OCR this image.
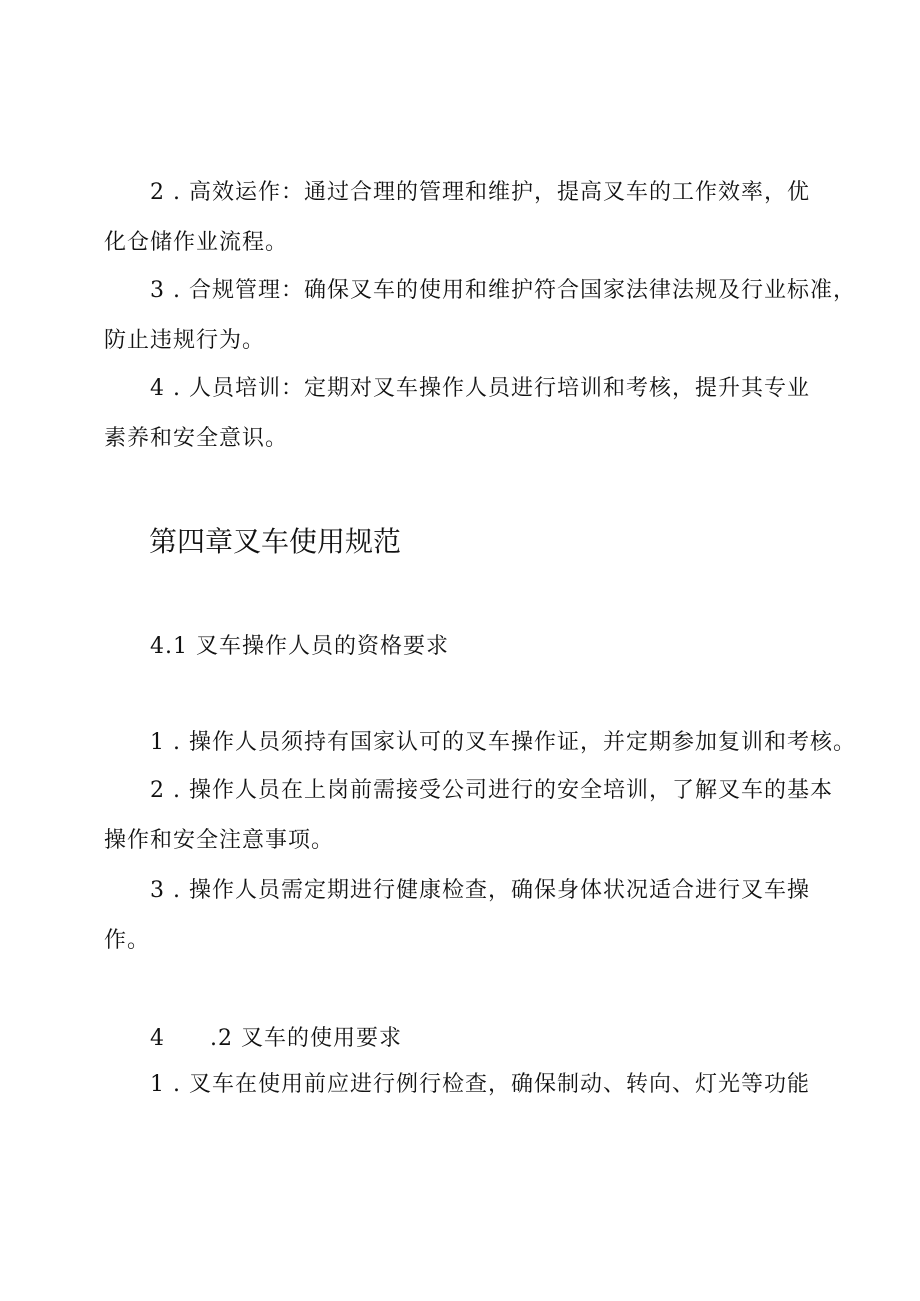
2 . 高效运作：通过合理的管理和维护，提高叉车的工作效率，优
化仓储作业流程。
3 . 合规管理：确保叉车的使用和维护符合国家法律法规及行业标准，
防止违规行为。
4 . 人员培训：定期对叉车操作人员进行培训和考核，提升其专业
素养和安全意识。
第四章叉车使用规范
4.1 叉车操作人员的资格要求
1 . 操作人员须持有国家认可的叉车操作证，并定期参加复训和考核。
2 . 操作人员在上岗前需接受公司进行的安全培训，了解叉车的基本
操作和安全注意事项。
3 . 操作人员需定期进行健康检查，确保身体状况适合进行叉车操
作。
4 .2 叉车的使用要求
1 . 叉车在使用前应进行例行检查，确保制动、转向、灯光等功能
